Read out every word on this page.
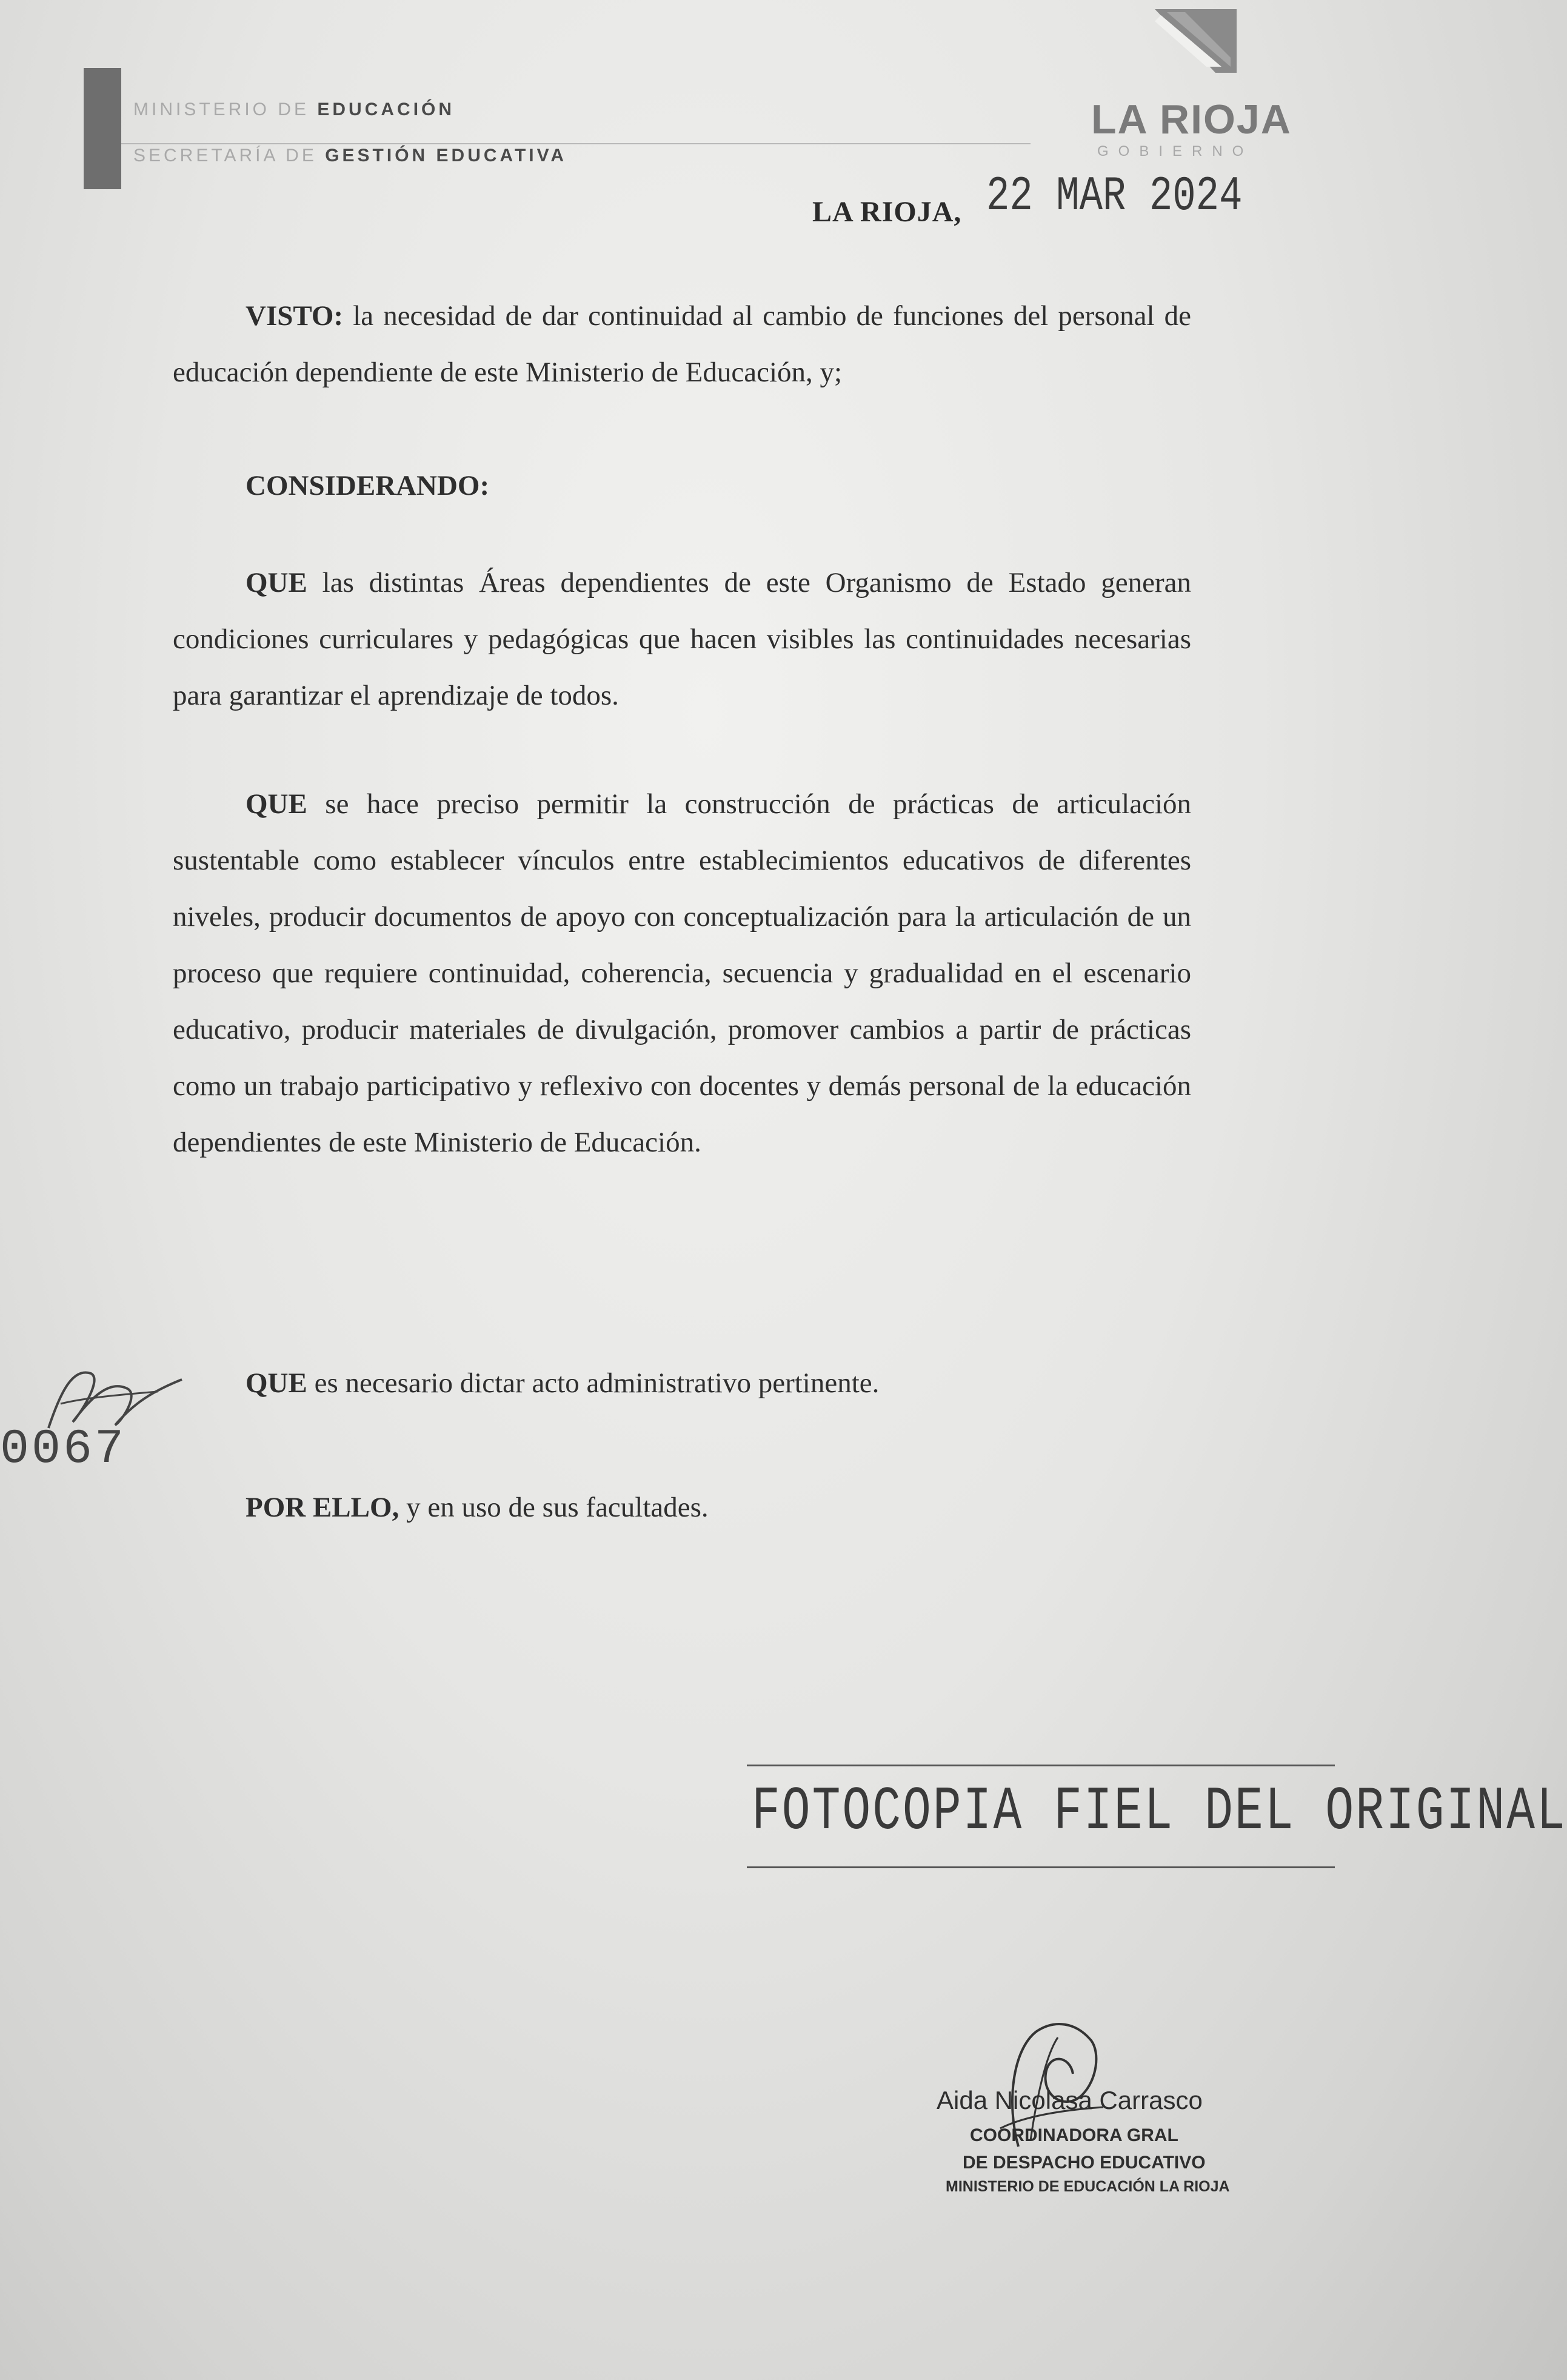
MINISTERIO DE EDUCACIÓN
SECRETARÍA DE GESTIÓN EDUCATIVA
LA RIOJA
GOBIERNO
LA RIOJA, 22 MAR 2024
VISTO: la necesidad de dar continuidad al cambio de funciones del personal de educación dependiente de este Ministerio de Educación, y;
CONSIDERANDO:
QUE las distintas Áreas dependientes de este Organismo de Estado generan condiciones curriculares y pedagógicas que hacen visibles las continuidades necesarias para garantizar el aprendizaje de todos.
QUE se hace preciso permitir la construcción de prácticas de articulación sustentable como establecer vínculos entre establecimientos educativos de diferentes niveles, producir documentos de apoyo con conceptualización para la articulación de un proceso que requiere continuidad, coherencia, secuencia y gradualidad en el escenario educativo, producir materiales de divulgación, promover cambios a partir de prácticas como un trabajo participativo y reflexivo con docentes y demás personal de la educación dependientes de este Ministerio de Educación.
QUE es necesario dictar acto administrativo pertinente.
POR ELLO, y en uso de sus facultades.
0067
FOTOCOPIA FIEL DEL ORIGINAL
Aida Nicolasa Carrasco
COORDINADORA GRAL
DE DESPACHO EDUCATIVO
MINISTERIO DE EDUCACIÓN LA RIOJA
